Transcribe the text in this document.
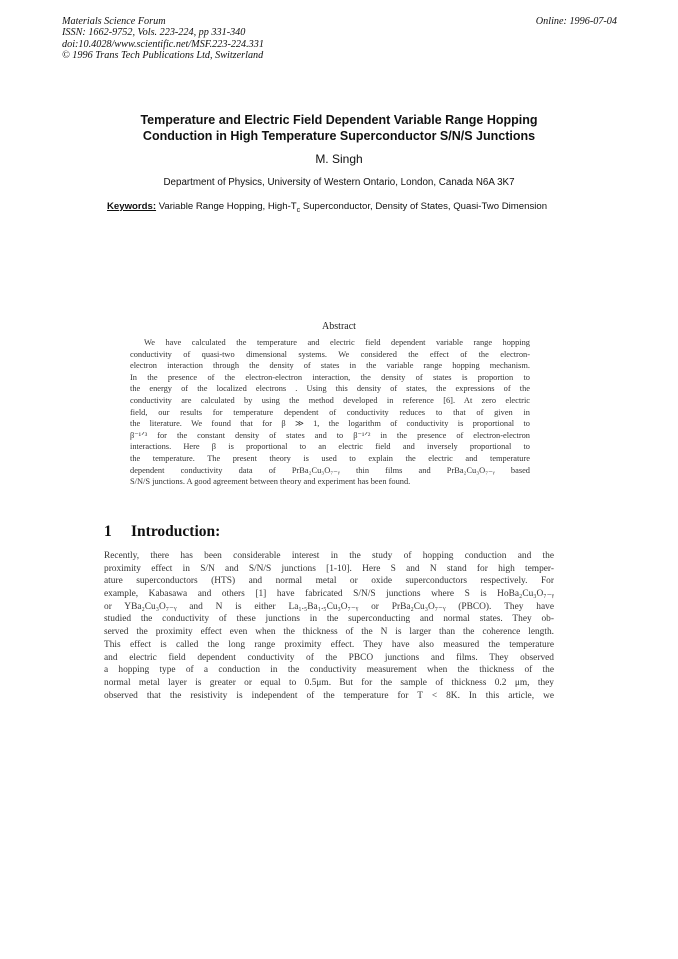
Materials Science Forum
ISSN: 1662-9752, Vols. 223-224, pp 331-340
doi:10.4028/www.scientific.net/MSF.223-224.331
© 1996 Trans Tech Publications Ltd, Switzerland
Online: 1996-07-04
Temperature and Electric Field Dependent Variable Range Hopping
Conduction in High Temperature Superconductor S/N/S Junctions
M. Singh
Department of Physics, University of Western Ontario, London, Canada N6A 3K7
Keywords: Variable Range Hopping, High-$T_c$ Superconductor, Density of States, Quasi-Two Dimension
Abstract
We have calculated the temperature and electric field dependent variable range hopping
conductivity of quasi-two dimensional systems. We considered the effect of the electron-
electron interaction through the density of states in the variable range hopping mechanism.
In the presence of the electron-electron interaction, the density of states is proportion to
the energy of the localized electrons . Using this density of states, the expressions of the
conductivity are calculated by using the method developed in reference [6]. At zero electric
field, our results for temperature dependent of conductivity reduces to that of given in
the literature. We found that for β ≫ 1, the logarithm of conductivity is proportional to
β⁻¹ᐟ³ for the constant density of states and to β⁻¹ᐟ² in the presence of electron-electron
interactions. Here β is proportional to an electric field and inversely proportional to
the temperature. The present theory is used to explain the electric and temperature
dependent conductivity data of PrBa₂Cu₃O₇₋ᵧ thin films and PrBa₂Cu₃O₇₋ᵧ based
S/N/S junctions. A good agreement between theory and experiment has been found.
1 Introduction:
Recently, there has been considerable interest in the study of hopping conduction and the
proximity effect in S/N and S/N/S junctions [1-10]. Here S and N stand for high temper-
ature superconductors (HTS) and normal metal or oxide superconductors respectively. For
example, Kabasawa and others [1] have fabricated S/N/S junctions where S is HoBa₂Cu₃O₇₋ᵧ
or YBa₂Cu₃O₇₋ᵧ and N is either La₁.₅Ba₁.₅Cu₃O₇₋ᵧ or PrBa₂Cu₃O₇₋ᵧ (PBCO). They have
studied the conductivity of these junctions in the superconducting and normal states. They ob-
served the proximity effect even when the thickness of the N is larger than the coherence length.
This effect is called the long range proximity effect. They have also measured the temperature
and electric field dependent conductivity of the PBCO junctions and films. They observed
a hopping type of a conduction in the conductivity measurement when the thickness of the
normal metal layer is greater or equal to 0.5μm. But for the sample of thickness 0.2 μm, they
observed that the resistivity is independent of the temperature for T < 8K. In this article, we
